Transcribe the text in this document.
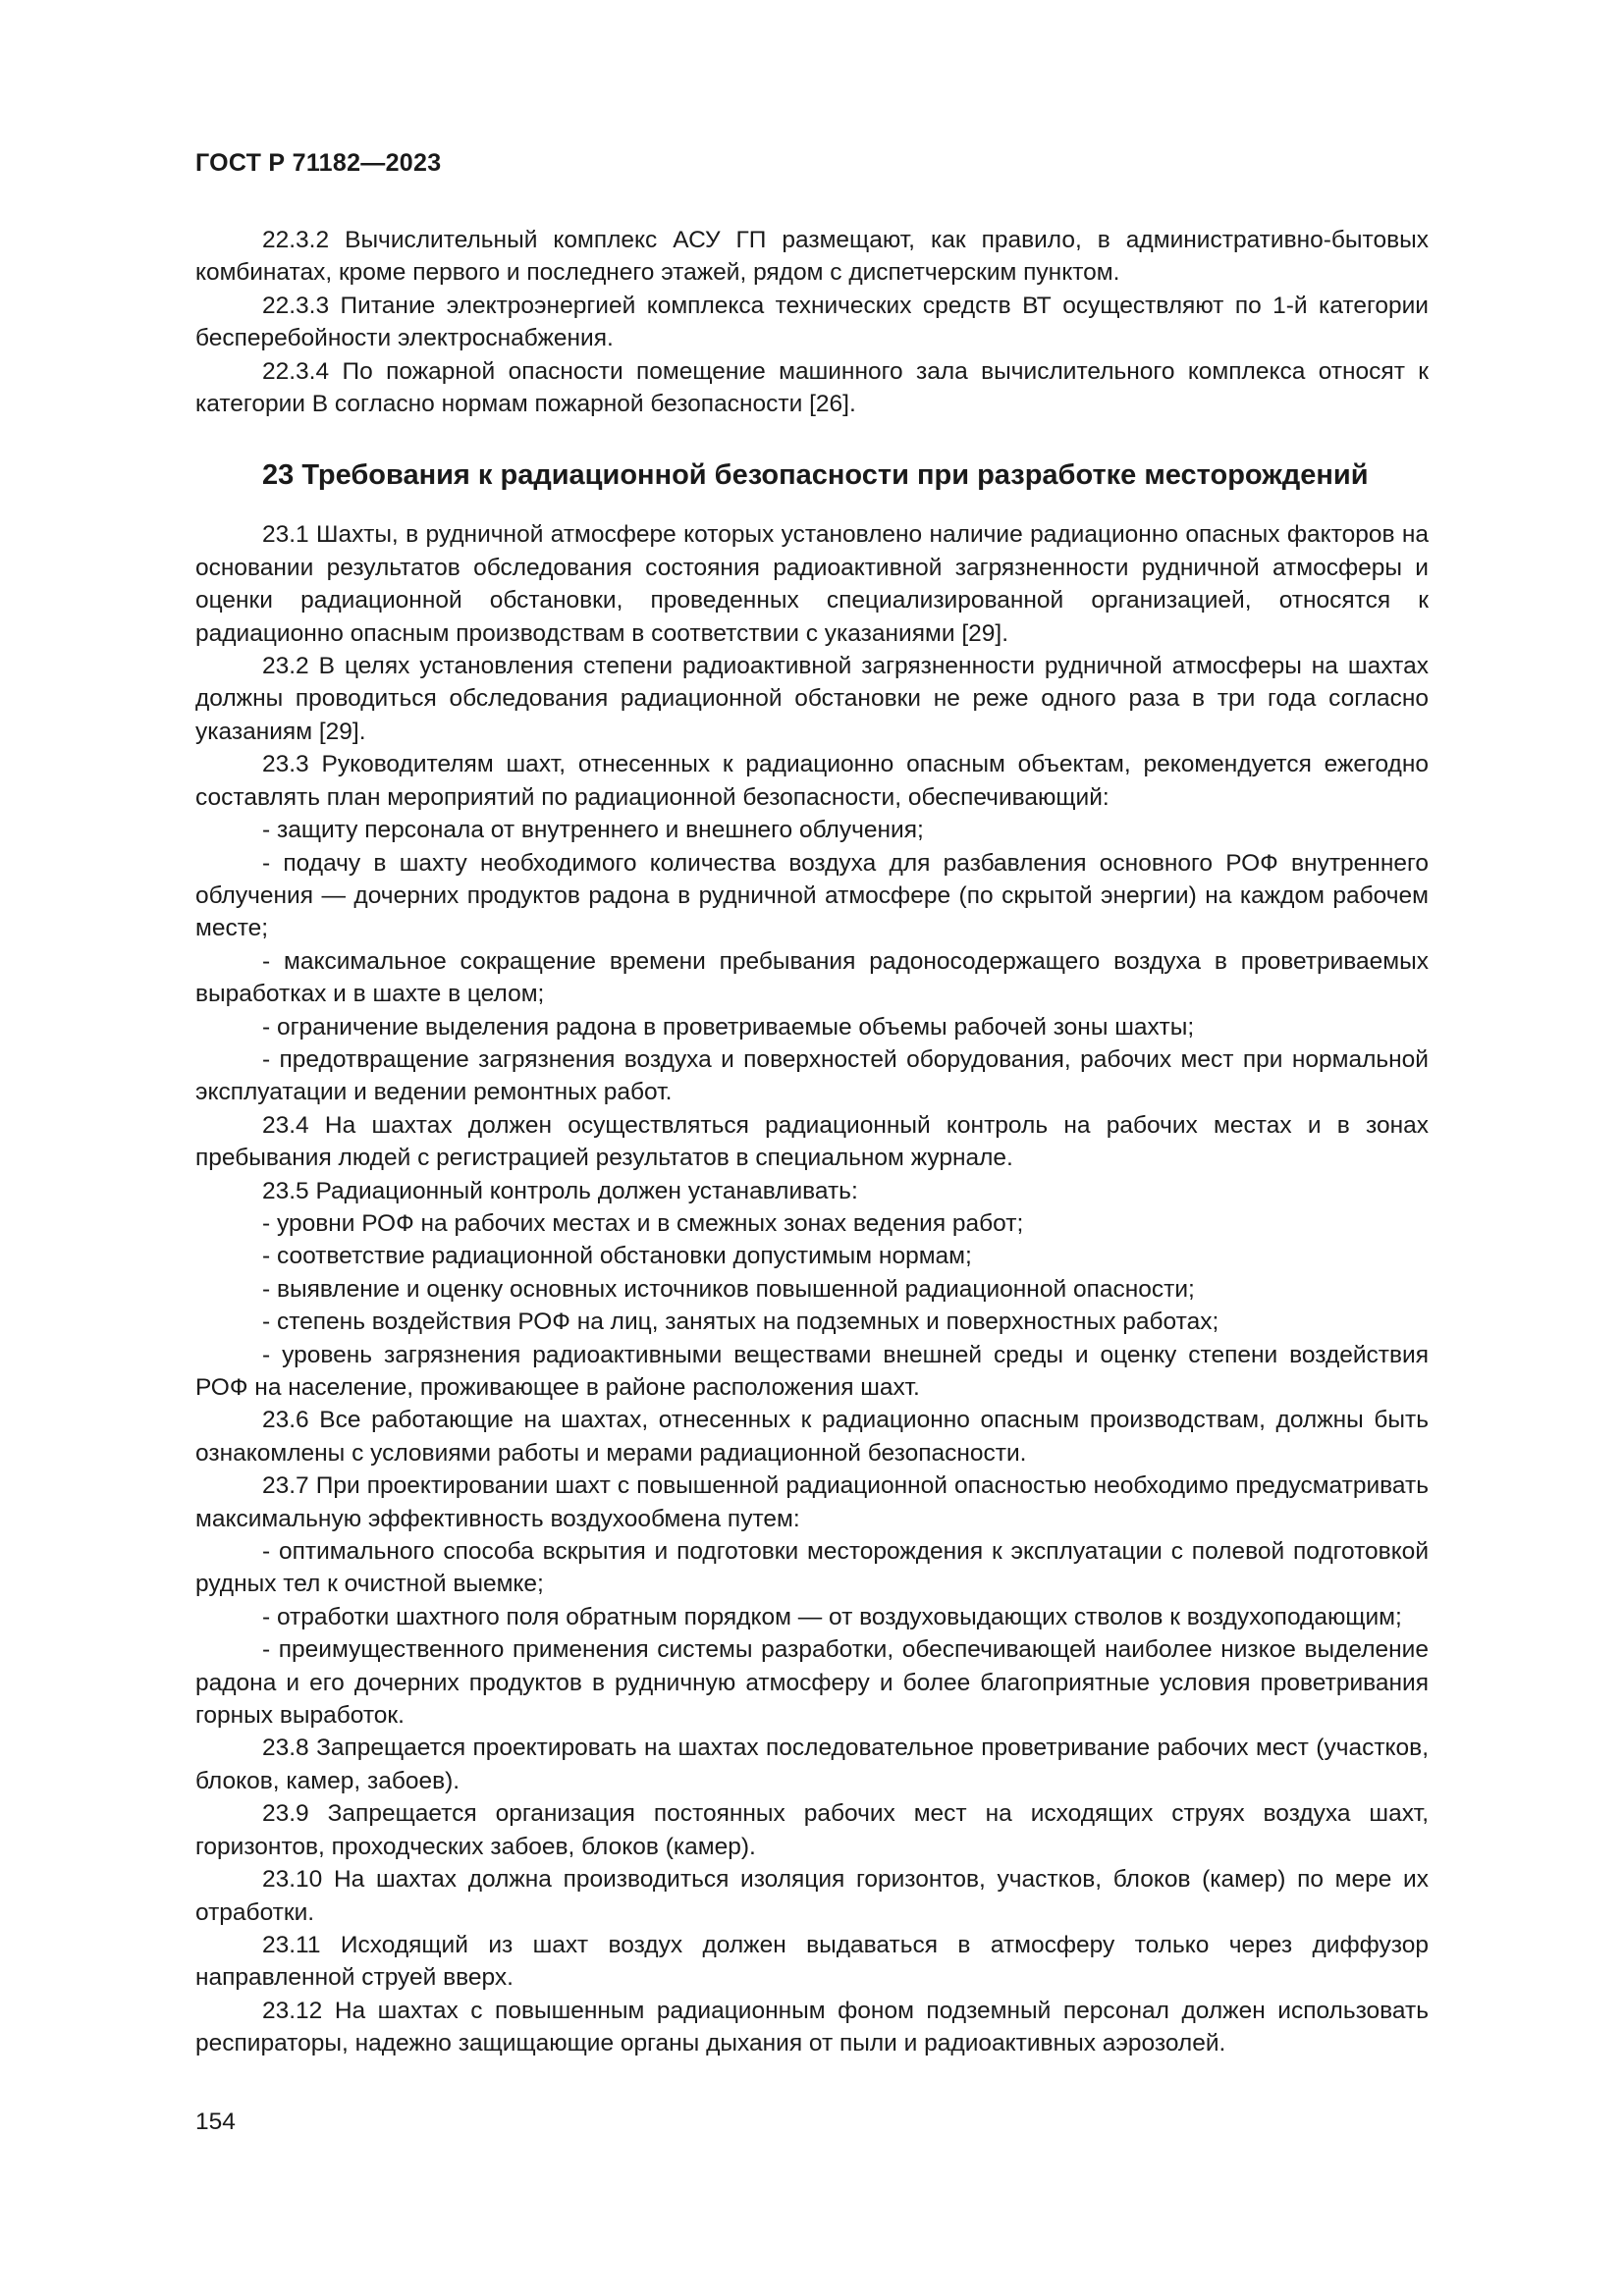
ГОСТ Р 71182—2023

22.3.2 Вычислительный комплекс АСУ ГП размещают, как правило, в административно-бытовых комбинатах, кроме первого и последнего этажей, рядом с диспетчерским пунктом.

22.3.3 Питание электроэнергией комплекса технических средств ВТ осуществляют по 1-й категории бесперебойности электроснабжения.

22.3.4 По пожарной опасности помещение машинного зала вычислительного комплекса относят к категории В согласно нормам пожарной безопасности [26].

23 Требования к радиационной безопасности при разработке месторождений

23.1 Шахты, в рудничной атмосфере которых установлено наличие радиационно опасных факторов на основании результатов обследования состояния радиоактивной загрязненности рудничной атмосферы и оценки радиационной обстановки, проведенных специализированной организацией, относятся к радиационно опасным производствам в соответствии с указаниями [29].

23.2 В целях установления степени радиоактивной загрязненности рудничной атмосферы на шахтах должны проводиться обследования радиационной обстановки не реже одного раза в три года согласно указаниям [29].

23.3 Руководителям шахт, отнесенных к радиационно опасным объектам, рекомендуется ежегодно составлять план мероприятий по радиационной безопасности, обеспечивающий:

- защиту персонала от внутреннего и внешнего облучения;

- подачу в шахту необходимого количества воздуха для разбавления основного РОФ внутреннего облучения — дочерних продуктов радона в рудничной атмосфере (по скрытой энергии) на каждом рабочем месте;

- максимальное сокращение времени пребывания радоносодержащего воздуха в проветриваемых выработках и в шахте в целом;

- ограничение выделения радона в проветриваемые объемы рабочей зоны шахты;

- предотвращение загрязнения воздуха и поверхностей оборудования, рабочих мест при нормальной эксплуатации и ведении ремонтных работ.

23.4 На шахтах должен осуществляться радиационный контроль на рабочих местах и в зонах пребывания людей с регистрацией результатов в специальном журнале.

23.5 Радиационный контроль должен устанавливать:

- уровни РОФ на рабочих местах и в смежных зонах ведения работ;

- соответствие радиационной обстановки допустимым нормам;

- выявление и оценку основных источников повышенной радиационной опасности;

- степень воздействия РОФ на лиц, занятых на подземных и поверхностных работах;

- уровень загрязнения радиоактивными веществами внешней среды и оценку степени воздействия РОФ на население, проживающее в районе расположения шахт.

23.6 Все работающие на шахтах, отнесенных к радиационно опасным производствам, должны быть ознакомлены с условиями работы и мерами радиационной безопасности.

23.7 При проектировании шахт с повышенной радиационной опасностью необходимо предусматривать максимальную эффективность воздухообмена путем:

- оптимального способа вскрытия и подготовки месторождения к эксплуатации с полевой подготовкой рудных тел к очистной выемке;

- отработки шахтного поля обратным порядком — от воздуховыдающих стволов к воздухоподающим;

- преимущественного применения системы разработки, обеспечивающей наиболее низкое выделение радона и его дочерних продуктов в рудничную атмосферу и более благоприятные условия проветривания горных выработок.

23.8 Запрещается проектировать на шахтах последовательное проветривание рабочих мест (участков, блоков, камер, забоев).

23.9 Запрещается организация постоянных рабочих мест на исходящих струях воздуха шахт, горизонтов, проходческих забоев, блоков (камер).

23.10 На шахтах должна производиться изоляция горизонтов, участков, блоков (камер) по мере их отработки.

23.11 Исходящий из шахт воздух должен выдаваться в атмосферу только через диффузор направленной струей вверх.

23.12 На шахтах с повышенным радиационным фоном подземный персонал должен использовать респираторы, надежно защищающие органы дыхания от пыли и радиоактивных аэрозолей.

154
